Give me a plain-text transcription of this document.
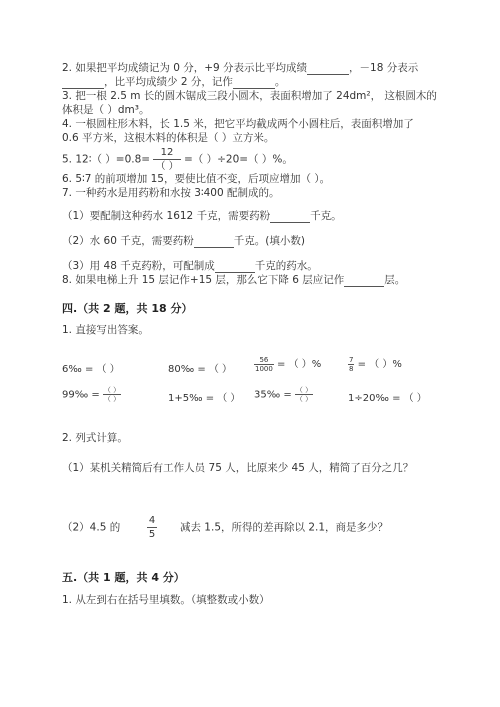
2. 如果把平均成绩记为 0 分，+9 分表示比平均成绩	，－18 分表示
，比平均成绩少 2 分，记作	。
3. 把一根 2.5 m 长的圆木锯成三段小圆木，表面积增加了 24dm²， 这根圆木的
体积是（ ）dm³。
4. 一根圆柱形木料，长 1.5 米，把它平均截成两个小圆柱后，表面积增加了
0.6 平方米，这根木料的体积是（ ）立方米。
5. 12∶（ ）$=0.8= \frac{12}{( )}$ =（ ）÷20=（ ）%。
6. 5∶7 的前项增加 15，要使比值不变，后项应增加（ ）。
7. 一种药水是用药粉和水按 3∶400 配制成的。
（1）要配制这种药水 1612 千克，需要药粉	千克。
（2）水 60 千克，需要药粉	千克。(填小数)
（3）用 48 千克药粉，可配制成	千克的药水。
8. 如果电梯上升 15 层记作+15 层，那么它下降 6 层应记作	层。
四.（共 2 题，共 18 分）
1. 直接写出答案。
6‰ = （ ）	80‰ = （ ）	$\frac{56}{1000}$ = （ ）%	$\frac{7}{8}$ = （ ）%
99‰ = $\frac{( )}{( )}$	1+5‰ = （ ） 35‰ = $\frac{( )}{( )}$	1÷20‰ = （ ）
2. 列式计算。
（1）某机关精简后有工作人员 75 人，比原来少 45 人，精简了百分之几？
（2）4.5 的	$\frac{4}{5}$ 减去 1.5，所得的差再除以 2.1，商是多少？
五.（共 1 题，共 4 分）
1. 从左到右在括号里填数。（填整数或小数）
